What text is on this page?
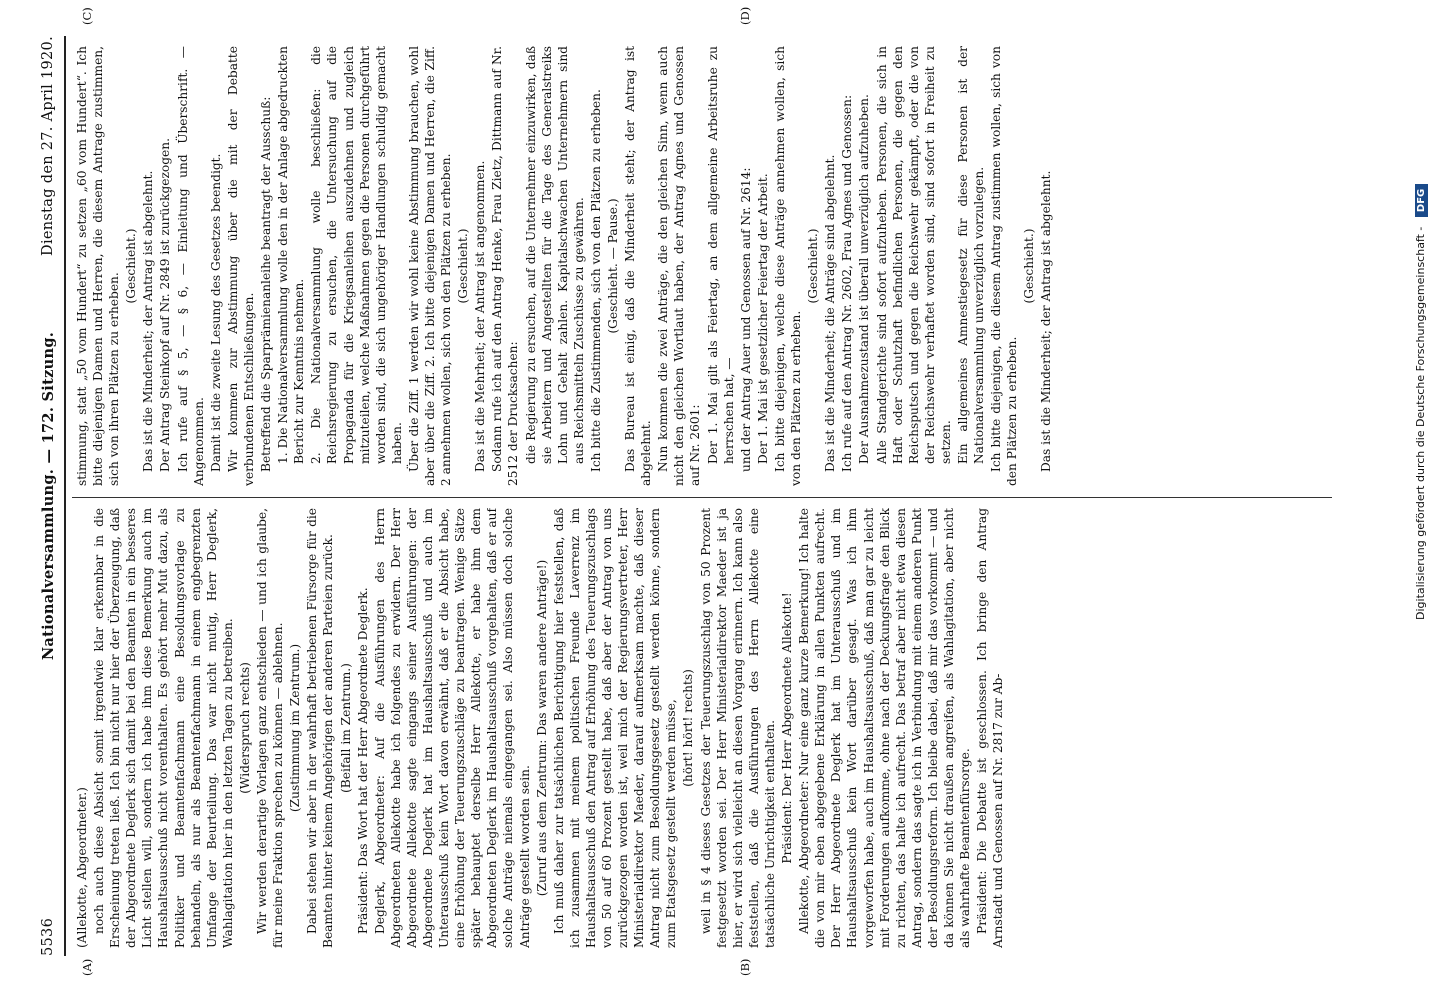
5536
Nationalversammlung. — 172. Sitzung.
Dienstag den 27. April 1920.
(A)	(B)
(C)	(D)

(Allekotte, Abgeordneter.) noch auch diese Absicht somit irgendwie klar erkennbar in die Erscheinung treten ließ. Ich bin nicht nur hier der Überzeugung, daß der Abgeordnete Deglerk sich damit bei den Beamten in ein besseres Licht stellen will, sondern ich habe ihm diese Bemerkung auch im Haushaltsausschuß nicht vorenthalten. Es gehört mehr Mut dazu, als Politiker und Beamtenfachmann eine Besoldungsvorlage zu behandeln, als nur als Beamtenfachmann in einem engbegrenzten Umfange der Beurteilung. Das war nicht mutig, Herr Deglerk, Wahlagitation hier in den letzten Tagen zu betreiben. (Widerspruch rechts) Wir werden derartige Vorlagen ganz entschieden — und ich glaube, für meine Fraktion sprechen zu können — ablehnen. (Zustimmung im Zentrum.) Dabei stehen wir aber in der wahrhaft betriebenen Fürsorge für die Beamten hinter keinem Angehörigen der anderen Parteien zurück. (Beifall im Zentrum.) Präsident: Das Wort hat der Herr Abgeordnete Deglerk. Deglerk, Abgeordneter: Auf die Ausführungen des Herrn Abgeordneten Allekotte habe ich folgendes zu erwidern. Der Herr Abgeordnete Allekotte sagte eingangs seiner Ausführungen: der Abgeordnete Deglerk hat im Haushaltsausschuß und auch im Unterausschuß kein Wort davon erwähnt, daß er die Absicht habe, eine Erhöhung der Teuerungszuschläge zu beantragen. Wenige Sätze später behauptet derselbe Herr Allekotte, er habe ihm dem Abgeordneten Deglerk im Haushaltsausschuß vorgehalten, daß er auf solche Anträge niemals eingegangen sei. Also müssen doch solche Anträge gestellt worden sein. (Zuruf aus dem Zentrum: Das waren andere Anträge!) Ich muß daher zur tatsächlichen Berichtigung hier feststellen, daß ich zusammen mit meinem politischen Freunde Laverrenz im Haushaltsausschuß den Antrag auf Erhöhung des Teuerungszuschlags von 50 auf 60 Prozent gestellt habe, daß aber der Antrag von uns zurückgezogen worden ist, weil mich der Regierungsvertreter, Herr Ministerialdirektor Maeder, darauf aufmerksam machte, daß dieser Antrag nicht zum Besoldungsgesetz gestellt werden könne, sondern zum Etatsgesetz gestellt werden müsse, (hört! hört! rechts) weil in § 4 dieses Gesetzes der Teuerungszuschlag von 50 Prozent festgesetzt worden sei. Der Herr Ministerialdirektor Maeder ist ja hier, er wird sich vielleicht an diesen Vorgang erinnern. Ich kann also feststellen, daß die Ausführungen des Herrn Allekotte eine tatsächliche Unrichtigkeit enthalten. Präsident: Der Herr Abgeordnete Allekotte! Allekotte, Abgeordneter: Nur eine ganz kurze Bemerkung! Ich halte die von mir eben abgegebene Erklärung in allen Punkten aufrecht. Der Herr Abgeordnete Deglerk hat im Unterausschuß und im Haushaltsausschuß kein Wort darüber gesagt. Was ich ihm vorgeworfen habe, auch im Haushaltsausschuß, daß man gar zu leicht mit Forderungen aufkomme, ohne nach der Deckungsfrage den Blick zu richten, das halte ich aufrecht. Das betraf aber nicht etwa diesen Antrag, sondern das sagte ich in Verbindung mit einem anderen Punkt der Besoldungsreform. Ich bleibe dabei, daß mir das vorkommt — und da können Sie nicht draußen angreifen, als Wahlagitation, aber nicht als wahrhafte Beamtenfürsorge. Präsident: Die Debatte ist geschlossen. Ich bringe den Antrag Arnstadt und Genossen auf Nr. 2817 zur Ab-

stimmung, statt „50 vom Hundert“ zu setzen „60 vom Hundert“. Ich bitte diejenigen Damen und Herren, die diesem Antrage zustimmen, sich von ihren Plätzen zu erheben.

(Geschieht.) Das ist die Minderheit; der Antrag ist abgelehnt. Der Antrag Steinkopf auf Nr. 2849 ist zurückgezogen. Ich rufe auf § 5, — § 6, — Einleitung und Überschrift. — Angenommen. Damit ist die zweite Lesung des Gesetzes beendigt. Wir kommen zur Abstimmung über die mit der Debatte verbundenen Entschließungen. Betreffend die Sparprämienanleihe beantragt der Ausschuß: 1. Die Nationalversammlung wolle den in der Anlage abgedruckten Bericht zur Kenntnis nehmen. 2. Die Nationalversammlung wolle beschließen: die Reichsregierung zu ersuchen, die Untersuchung auf die Propaganda für die Kriegsanleihen auszudehnen und zugleich mitzuteilen, welche Maßnahmen gegen die Personen durchgeführt worden sind, die sich ungehöriger Handlungen schuldig gemacht haben. Über die Ziff. 1 werden wir wohl keine Abstimmung brauchen, wohl aber über die Ziff. 2. Ich bitte diejenigen Damen und Herren, die Ziff. 2 annehmen wollen, sich von den Plätzen zu erheben. (Geschieht.) Das ist die Mehrheit; der Antrag ist angenommen. Sodann rufe ich auf den Antrag Henke, Frau Zietz, Dittmann auf Nr. 2512 der Drucksachen: die Regierung zu ersuchen, auf die Unternehmer einzuwirken, daß sie Arbeitern und Angestellten für die Tage des Generalstreiks Lohn und Gehalt zahlen. Kapitalschwachen Unternehmern sind aus Reichsmitteln Zuschüsse zu gewähren. Ich bitte die Zustimmenden, sich von den Plätzen zu erheben. (Geschieht. — Pause.) Das Bureau ist einig, daß die Minderheit steht; der Antrag ist abgelehnt. Nun kommen die zwei Anträge, die den gleichen Sinn, wenn auch nicht den gleichen Wortlaut haben, der Antrag Agnes und Genossen auf Nr. 2601: Der 1. Mai gilt als Feiertag, an dem allgemeine Arbeitsruhe zu herrschen hat, — und der Antrag Auer und Genossen auf Nr. 2614: Der 1. Mai ist gesetzlicher Feiertag der Arbeit. Ich bitte diejenigen, welche diese Anträge annehmen wollen, sich von den Plätzen zu erheben.

(Geschieht.) Das ist die Minderheit; die Anträge sind abgelehnt. Ich rufe auf den Antrag Nr. 2602, Frau Agnes und Genossen: Der Ausnahmezustand ist überall unverzüglich aufzuheben. Alle Standgerichte sind sofort aufzuheben. Personen, die sich in Haft oder Schutzhaft befindlichen Personen, die gegen den Reichsputsch und gegen die Reichswehr gekämpft, oder die von der Reichswehr verhaftet worden sind, sind sofort in Freiheit zu setzen. Ein allgemeines Amnestiegesetz für diese Personen ist der Nationalversammlung unverzüglich vorzulegen. Ich bitte diejenigen, die diesem Antrag zustimmen wollen, sich von den Plätzen zu erheben.

(Geschieht.) Das ist die Minderheit; der Antrag ist abgelehnt.	Digitalisierung gefördert durch die Deutsche Forschungsgemeinschaft - DFG
